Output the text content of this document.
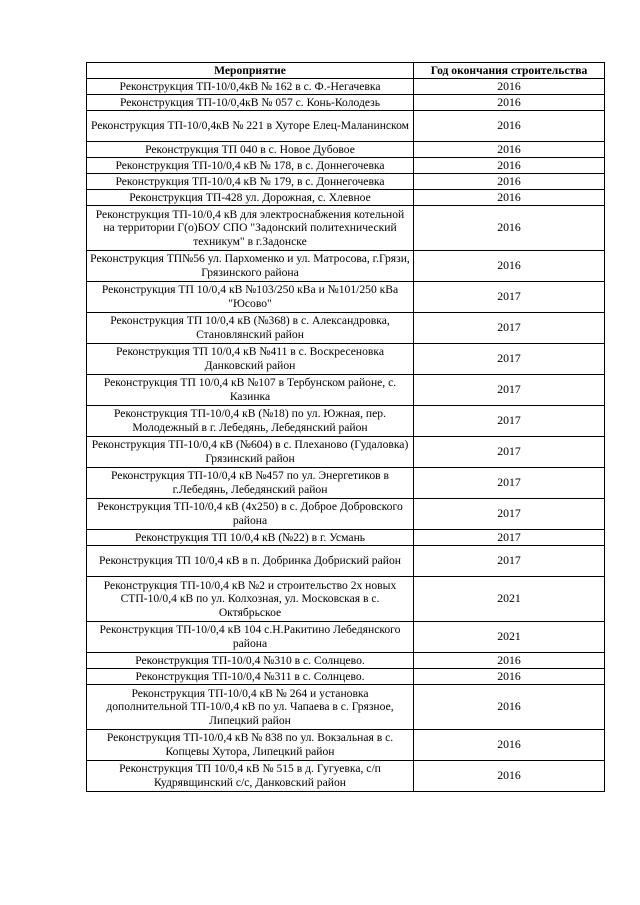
Мероприятие	Год окончания строительства
Реконструкция ТП-10/0,4кВ № 162 в с. Ф.-Негачевка	2016
Реконструкция ТП-10/0,4кВ № 057 с. Конь-Колодезь	2016
Реконструкция ТП-10/0,4кВ № 221 в Хуторе Елец-Маланинском	2016
Реконструкция ТП 040 в с. Новое Дубовое	2016
Реконструкция ТП-10/0,4 кВ № 178, в с. Доннегочевка	2016
Реконструкция ТП-10/0,4 кВ № 179, в с. Доннегочевка	2016
Реконструкция ТП-428 ул. Дорожная, с. Хлевное	2016
Реконструкция ТП-10/0,4 кВ для электроснабжения котельной на территории Г(о)БОУ СПО "Задонский политехнический техникум" в г.Задонске	2016
Реконструкция ТП№56 ул. Пархоменко и ул. Матросова, г.Грязи, Грязинского района	2016
Реконструкция ТП 10/0,4 кВ №103/250 кВа и №101/250 кВа "Юсово"	2017
Реконструкция ТП 10/0,4 кВ (№368) в с. Александровка, Становлянский район	2017
Реконструкция ТП 10/0,4 кВ №411 в с. Воскресеновка Данковский район	2017
Реконструкция ТП 10/0,4 кВ №107 в Тербунском районе, с. Казинка	2017
Реконструкция ТП-10/0,4 кВ (№18) по ул. Южная, пер. Молодежный в г. Лебедянь, Лебедянский район	2017
Реконструкция ТП-10/0,4 кВ (№604) в с. Плеханово (Гудаловка) Грязинский район	2017
Реконструкция ТП-10/0,4 кВ №457 по ул. Энергетиков в г.Лебедянь, Лебедянский район	2017
Реконструкция ТП-10/0,4 кВ (4х250) в с. Доброе Добровского района	2017
Реконструкция ТП 10/0,4 кВ (№22) в г. Усмань	2017
Реконструкция ТП 10/0,4 кВ в п. Добринка Добриский район	2017
Реконструкция ТП-10/0,4 кВ №2 и строительство 2х новых СТП-10/0,4 кВ по ул. Колхозная, ул. Московская в с. Октябрьское	2021
Реконструкция ТП-10/0,4 кВ 104 с.Н.Ракитино Лебедянского района	2021
Реконструкция ТП-10/0,4 №310 в с. Солнцево.	2016
Реконструкция ТП-10/0,4 №311 в с. Солнцево.	2016
Реконструкция ТП-10/0,4 кВ № 264 и установка дополнительной ТП-10/0,4 кВ по ул. Чапаева в с. Грязное, Липецкий район	2016
Реконструкция ТП-10/0,4 кВ № 838 по ул. Вокзальная в с. Копцевы Хутора, Липецкий район	2016
Реконструкция ТП 10/0,4 кВ № 515 в д. Гугуевка, с/п Кудрявщинский с/с, Данковский район	2016
